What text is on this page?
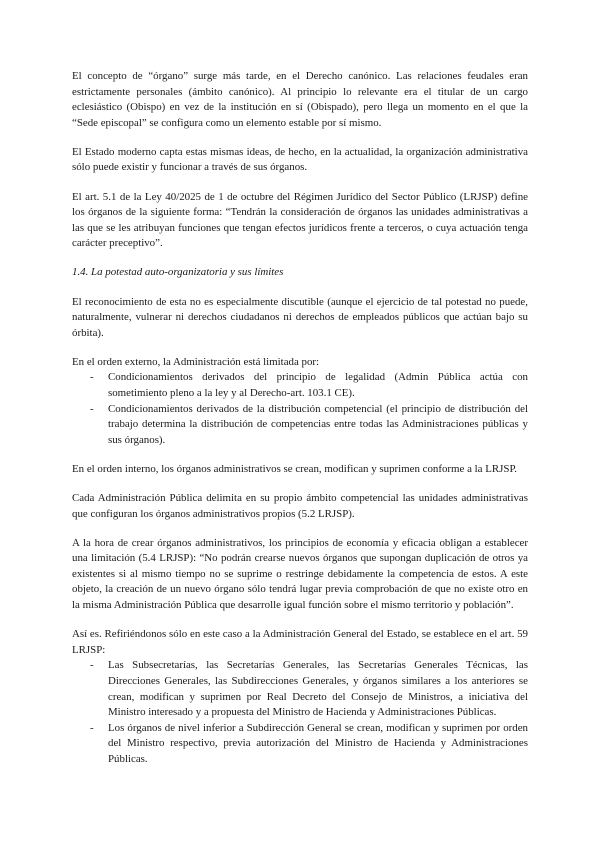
El concepto de “órgano” surge más tarde, en el Derecho canónico. Las relaciones feudales eran estrictamente personales (ámbito canónico). Al principio lo relevante era el titular de un cargo eclesiástico (Obispo) en vez de la institución en sí (Obispado), pero llega un momento en el que la “Sede episcopal” se configura como un elemento estable por sí mismo.

El Estado moderno capta estas mismas ideas, de hecho, en la actualidad, la organización administrativa sólo puede existir y funcionar a través de sus órganos.

El art. 5.1 de la Ley 40/2025 de 1 de octubre del Régimen Jurídico del Sector Público (LRJSP) define los órganos de la siguiente forma: “Tendrán la consideración de órganos las unidades administrativas a las que se les atribuyan funciones que tengan efectos jurídicos frente a terceros, o cuya actuación tenga carácter preceptivo”.

1.4. La potestad auto-organizatoria y sus límites

El reconocimiento de esta no es especialmente discutible (aunque el ejercicio de tal potestad no puede, naturalmente, vulnerar ni derechos ciudadanos ni derechos de empleados públicos que actúan bajo su órbita).

En el orden externo, la Administración está limitada por:

- Condicionamientos derivados del principio de legalidad (Admin Pública actúa con sometimiento pleno a la ley y al Derecho-art. 103.1 CE).
- Condicionamientos derivados de la distribución competencial (el principio de distribución del trabajo determina la distribución de competencias entre todas las Administraciones públicas y sus órganos).

En el orden interno, los órganos administrativos se crean, modifican y suprimen conforme a la LRJSP.

Cada Administración Pública delimita en su propio ámbito competencial las unidades administrativas que configuran los órganos administrativos propios (5.2 LRJSP).

A la hora de crear órganos administrativos, los principios de economía y eficacia obligan a establecer una limitación (5.4 LRJSP): “No podrán crearse nuevos órganos que supongan duplicación de otros ya existentes si al mismo tiempo no se suprime o restringe debidamente la competencia de estos. A este objeto, la creación de un nuevo órgano sólo tendrá lugar previa comprobación de que no existe otro en la misma Administración Pública que desarrolle igual función sobre el mismo territorio y población”.

Así es. Refiriéndonos sólo en este caso a la Administración General del Estado, se establece en el art. 59 LRJSP:

- Las Subsecretarías, las Secretarías Generales, las Secretarías Generales Técnicas, las Direcciones Generales, las Subdirecciones Generales, y órganos similares a los anteriores se crean, modifican y suprimen por Real Decreto del Consejo de Ministros, a iniciativa del Ministro interesado y a propuesta del Ministro de Hacienda y Administraciones Públicas.
- Los órganos de nivel inferior a Subdirección General se crean, modifican y suprimen por orden del Ministro respectivo, previa autorización del Ministro de Hacienda y Administraciones Públicas.
